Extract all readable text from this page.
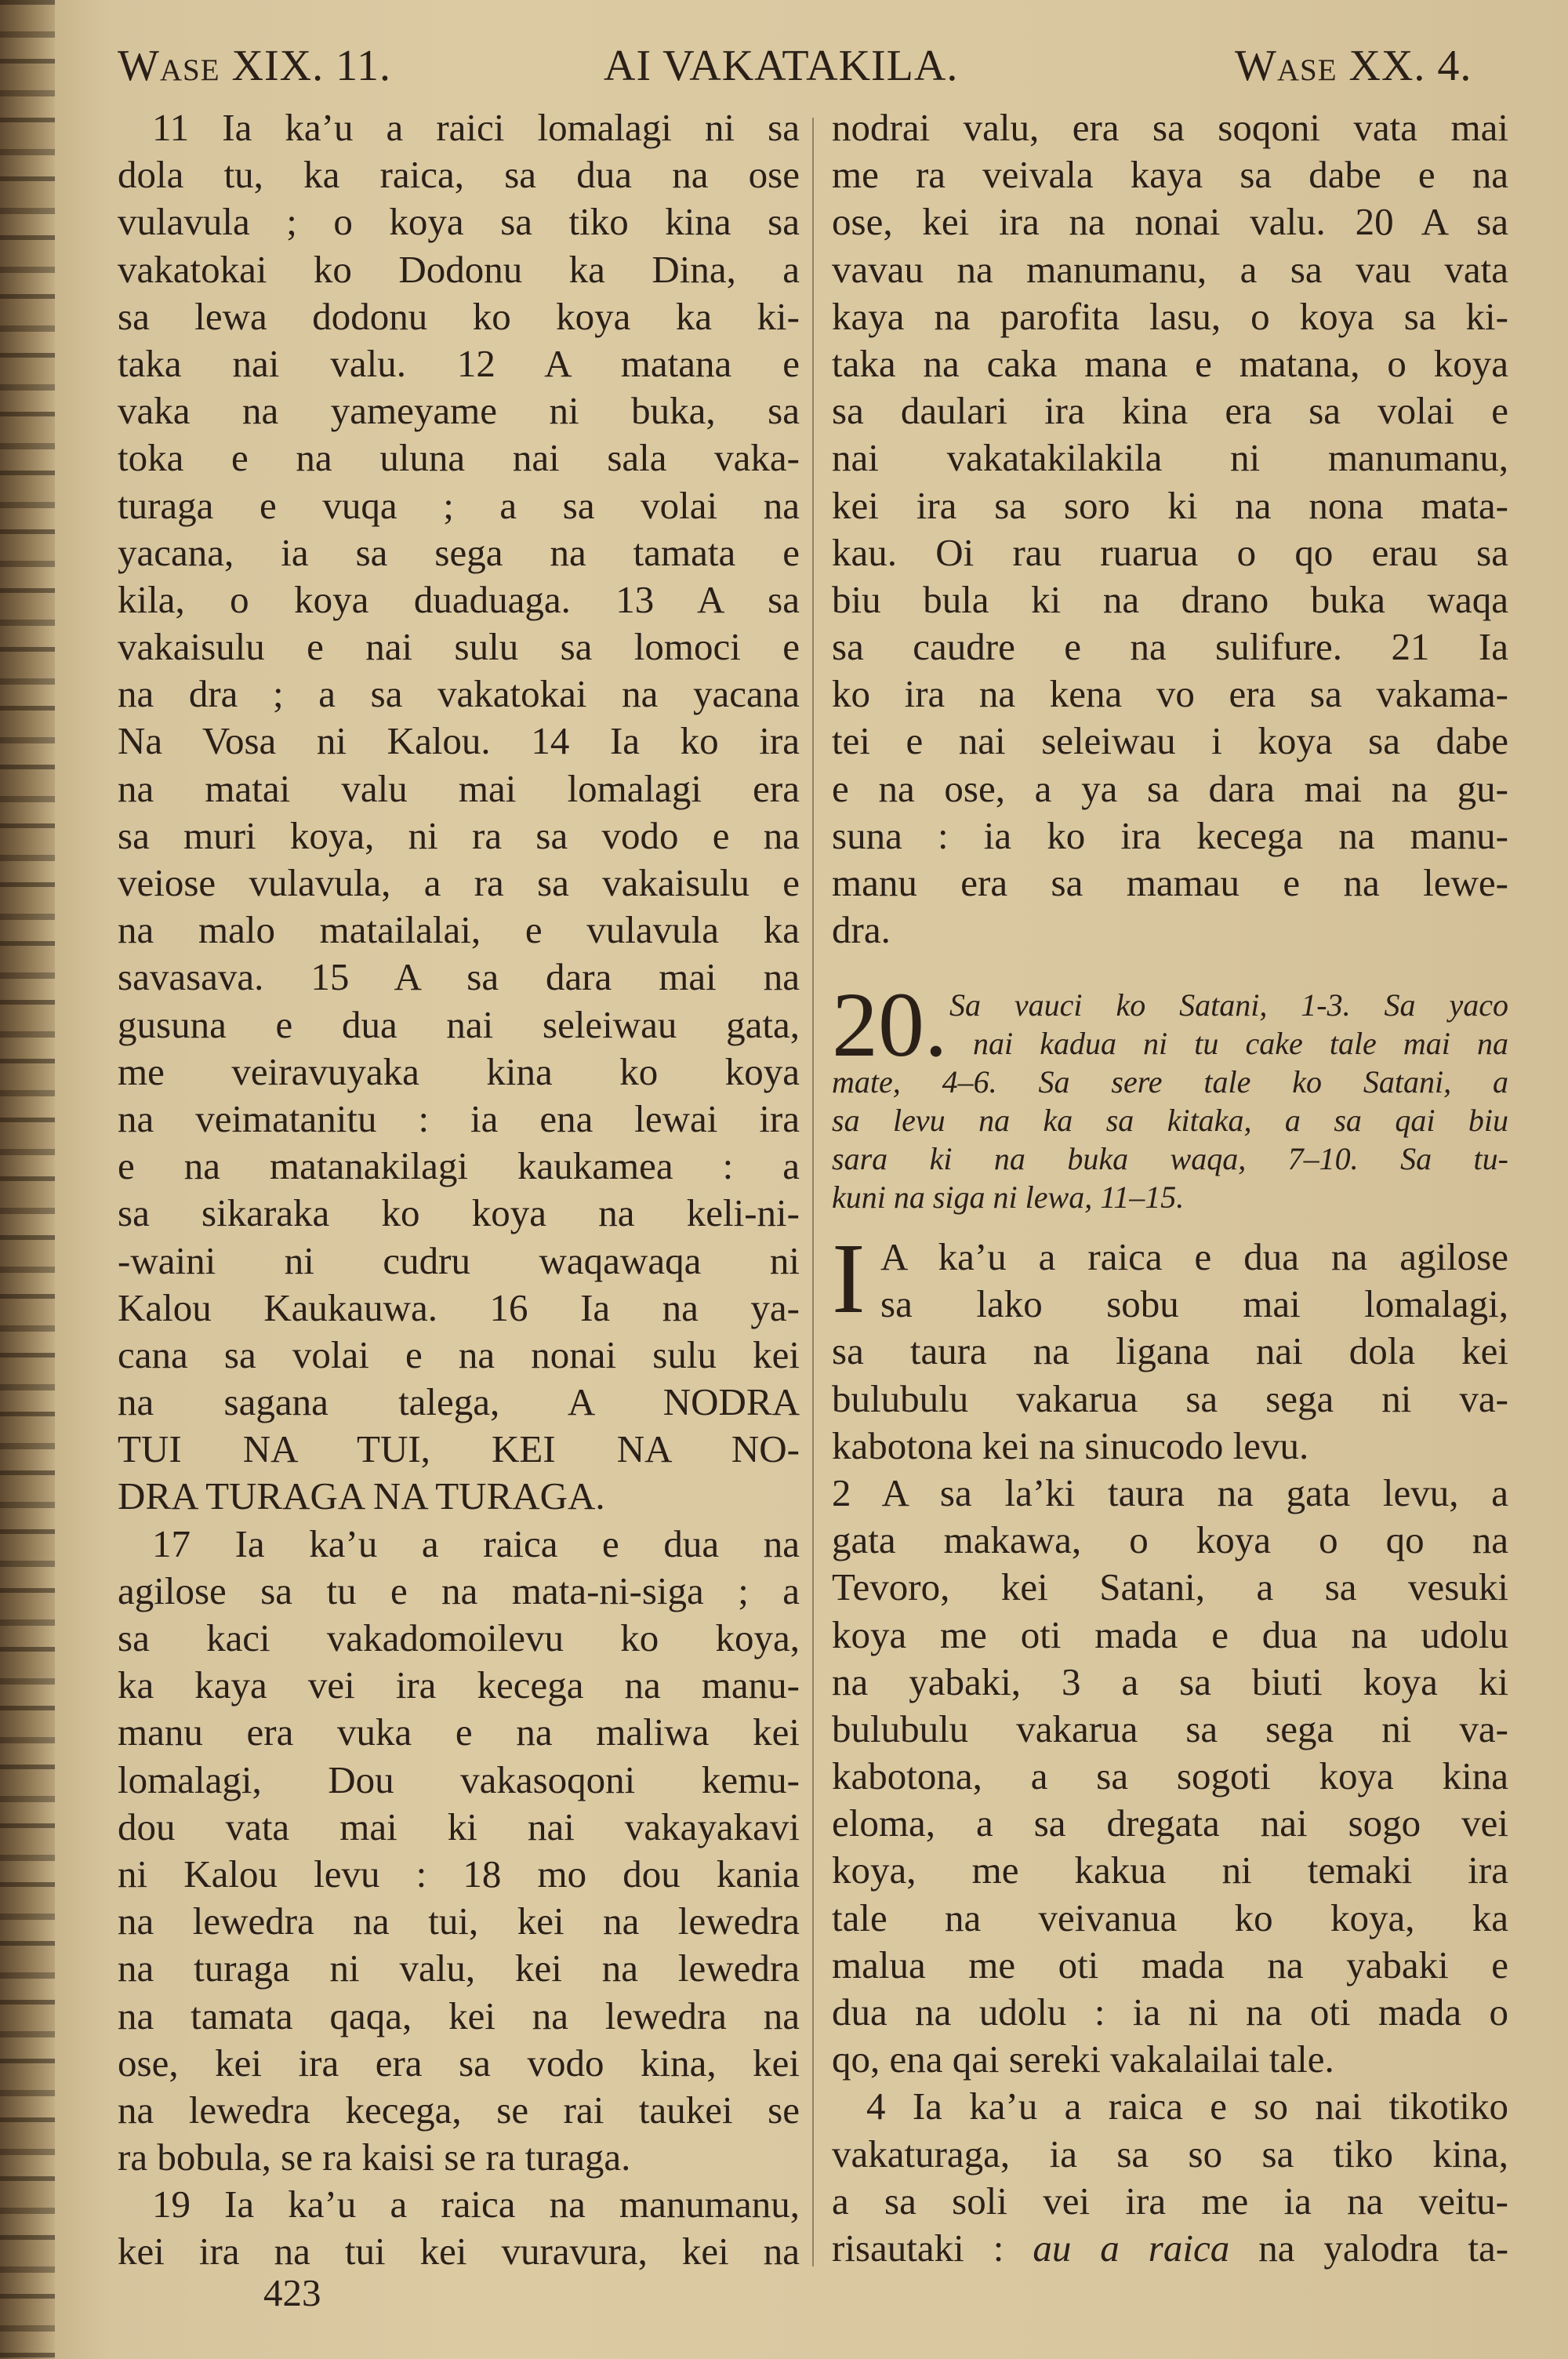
Wase XIX. 11.	AI VAKATAKILA.	Wase XX. 4.
11 Ia ka’u a raici lomalagi ni sa
dola tu, ka raica, sa dua na ose
vulavula ; o koya sa tiko kina sa
vakatokai ko Dodonu ka Dina, a
sa lewa dodonu ko koya ka ki-
taka nai valu. 12 A matana e
vaka na yameyame ni buka, sa
toka e na uluna nai sala vaka-
turaga e vuqa ; a sa volai na
yacana, ia sa sega na tamata e
kila, o koya duaduaga. 13 A sa
vakaisulu e nai sulu sa lomoci e
na dra ; a sa vakatokai na yacana
Na Vosa ni Kalou. 14 Ia ko ira
na matai valu mai lomalagi era
sa muri koya, ni ra sa vodo e na
veiose vulavula, a ra sa vakaisulu e
na malo matailalai, e vulavula ka
savasava. 15 A sa dara mai na
gusuna e dua nai seleiwau gata,
me veiravuyaka kina ko koya
na veimatanitu : ia ena lewai ira
e na matanakilagi kaukamea : a
sa sikaraka ko koya na keli-ni-
-waini ni cudru waqawaqa ni
Kalou Kaukauwa. 16 Ia na ya-
cana sa volai e na nonai sulu kei
na sagana talega, A NODRA
TUI NA TUI, KEI NA NO-
DRA TURAGA NA TURAGA.
17 Ia ka’u a raica e dua na
agilose sa tu e na mata-ni-siga ; a
sa kaci vakadomoilevu ko koya,
ka kaya vei ira kecega na manu-
manu era vuka e na maliwa kei
lomalagi, Dou vakasoqoni kemu-
dou vata mai ki nai vakayakavi
ni Kalou levu : 18 mo dou kania
na lewedra na tui, kei na lewedra
na turaga ni valu, kei na lewedra
na tamata qaqa, kei na lewedra na
ose, kei ira era sa vodo kina, kei
na lewedra kecega, se rai taukei se
ra bobula, se ra kaisi se ra turaga.
19 Ia ka’u a raica na manumanu,
kei ira na tui kei vuravura, kei na
nodrai valu, era sa soqoni vata mai
me ra veivala kaya sa dabe e na
ose, kei ira na nonai valu. 20 A sa
vavau na manumanu, a sa vau vata
kaya na parofita lasu, o koya sa ki-
taka na caka mana e matana, o koya
sa daulari ira kina era sa volai e
nai vakatakilakila ni manumanu,
kei ira sa soro ki na nona mata-
kau. Oi rau ruarua o qo erau sa
biu bula ki na drano buka waqa
sa caudre e na sulifure. 21 Ia
ko ira na kena vo era sa vakama-
tei e nai seleiwau i koya sa dabe
e na ose, a ya sa dara mai na gu-
suna : ia ko ira kecega na manu-
manu era sa mamau e na lewe-
dra.
20. Sa vauci ko Satani, 1-3. Sa yaco
nai kadua ni tu cake tale mai na
mate, 4–6. Sa sere tale ko Satani, a
sa levu na ka sa kitaka, a sa qai biu
sara ki na buka waqa, 7–10. Sa tu-
kuni na siga ni lewa, 11–15.
I A ka’u a raica e dua na agilose
sa lako sobu mai lomalagi,
sa taura na ligana nai dola kei
bulubulu vakarua sa sega ni va-
kabotona kei na sinucodo levu.
2 A sa la’ki taura na gata levu, a
gata makawa, o koya o qo na
Tevoro, kei Satani, a sa vesuki
koya me oti mada e dua na udolu
na yabaki, 3 a sa biuti koya ki
bulubulu vakarua sa sega ni va-
kabotona, a sa sogoti koya kina
eloma, a sa dregata nai sogo vei
koya, me kakua ni temaki ira
tale na veivanua ko koya, ka
malua me oti mada na yabaki e
dua na udolu : ia ni na oti mada o
qo, ena qai sereki vakalailai tale.
4 Ia ka’u a raica e so nai tikotiko
vakaturaga, ia sa so sa tiko kina,
a sa soli vei ira me ia na veitu-
risautaki : au a raica na yalodra ta-
423
